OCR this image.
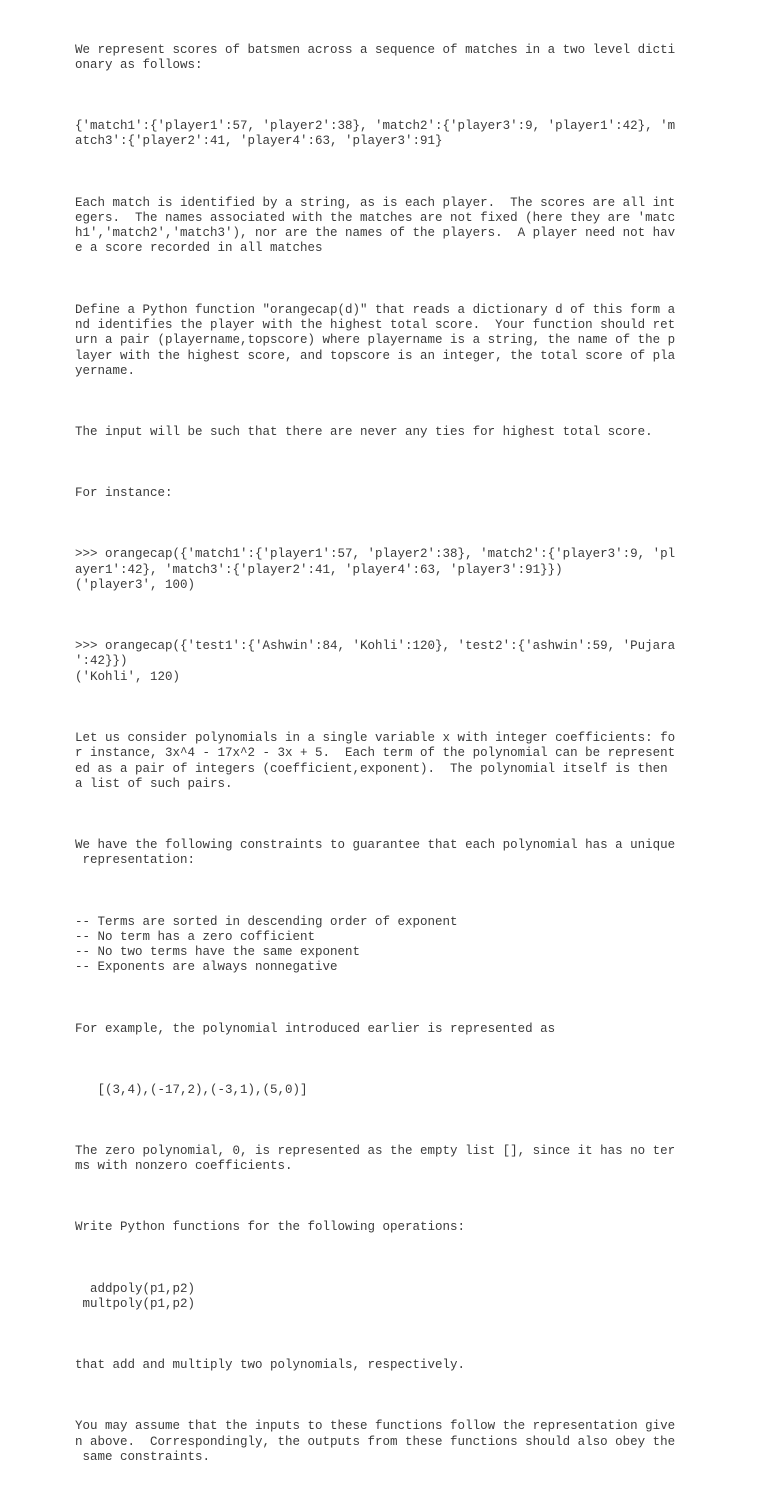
We represent scores of batsmen across a sequence of matches in a two level dicti
onary as follows:

{'match1':{'player1':57, 'player2':38}, 'match2':{'player3':9, 'player1':42}, 'm
atch3':{'player2':41, 'player4':63, 'player3':91}

Each match is identified by a string, as is each player.  The scores are all int
egers.  The names associated with the matches are not fixed (here they are 'matc
h1','match2','match3'), nor are the names of the players.  A player need not hav
e a score recorded in all matches

Define a Python function "orangecap(d)" that reads a dictionary d of this form a
nd identifies the player with the highest total score.  Your function should ret
urn a pair (playername,topscore) where playername is a string, the name of the p
layer with the highest score, and topscore is an integer, the total score of pla
yername.

The input will be such that there are never any ties for highest total score.

For instance:

>>> orangecap({'match1':{'player1':57, 'player2':38}, 'match2':{'player3':9, 'pl
ayer1':42}, 'match3':{'player2':41, 'player4':63, 'player3':91}})
('player3', 100)

>>> orangecap({'test1':{'Ashwin':84, 'Kohli':120}, 'test2':{'ashwin':59, 'Pujara
':42}})
('Kohli', 120)

Let us consider polynomials in a single variable x with integer coefficients: fo
r instance, 3x^4 - 17x^2 - 3x + 5.  Each term of the polynomial can be represent
ed as a pair of integers (coefficient,exponent).  The polynomial itself is then
a list of such pairs.

We have the following constraints to guarantee that each polynomial has a unique
representation:

-- Terms are sorted in descending order of exponent
-- No term has a zero cofficient
-- No two terms have the same exponent
-- Exponents are always nonnegative

For example, the polynomial introduced earlier is represented as

[(3,4),(-17,2),(-3,1),(5,0)]

The zero polynomial, 0, is represented as the empty list [], since it has no ter
ms with nonzero coefficients.

Write Python functions for the following operations:

addpoly(p1,p2)
multpoly(p1,p2)

that add and multiply two polynomials, respectively.

You may assume that the inputs to these functions follow the representation give
n above.  Correspondingly, the outputs from these functions should also obey the
same constraints.
